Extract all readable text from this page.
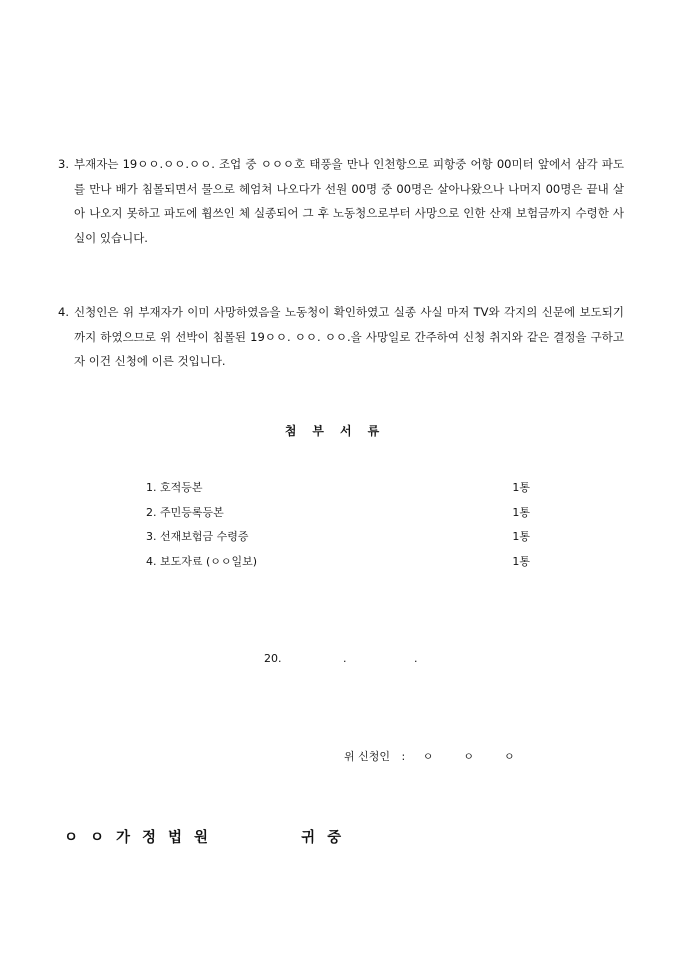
3. 부재자는 19ㅇㅇ.ㅇㅇ.ㅇㅇ. 조업 중 ㅇㅇㅇ호 태풍을 만나 인천항으로 피항중 어항 00미터 앞에서 삼각 파도를 만나 배가 침몰되면서 물으로 헤엄쳐 나오다가 선원 00명 중 00명은 살아나왔으나 나머지 00명은 끝내 살아 나오지 못하고 파도에 휩쓰인 체 실종되어 그 후 노동청으로부터 사망으로 인한 산재 보험금까지 수령한 사실이 있습니다.
4. 신청인은 위 부재자가 이미 사망하였음을 노동청이 확인하였고 실종 사실 마저 TV와 각지의 신문에 보도되기까지 하였으므로 위 선박이 침몰된 19ㅇㅇ. ㅇㅇ. ㅇㅇ.을 사망일로 간주하여 신청 취지와 같은 결정을 구하고자 이건 신청에 이른 것입니다.
첨부서류
1. 호적등본	1통
2. 주민등록등본	1통
3. 선재보험금 수령증	1통
4. 보도자료 (ㅇㅇ일보)	1통
20.	.	.
위 신청인 : ㅇㅇㅇ
ㅇㅇ가정법원	귀중
